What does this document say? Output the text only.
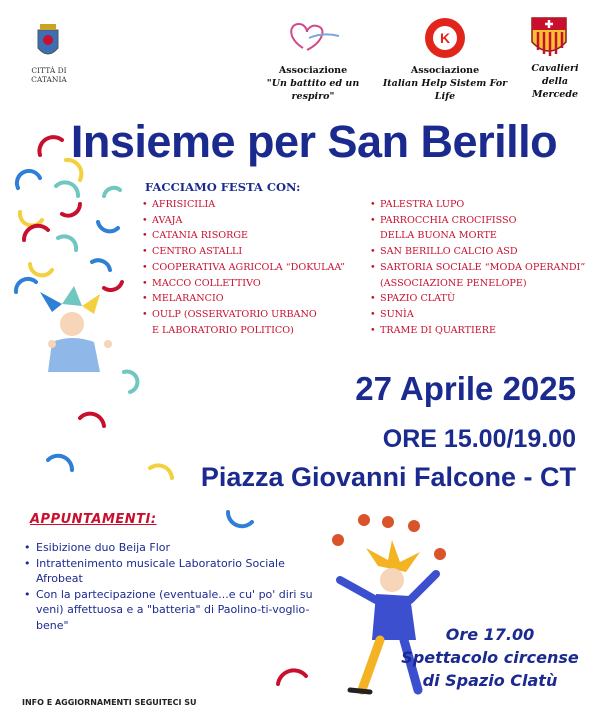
CITTÀ DI CATANIA
Associazione
"Un battito ed un respiro"
K
Associazione
Italian Help Sistem For Life
Cavalieri
della Mercede
Insieme per San Berillo
FACCIAMO FESTA CON:
• AFRISICILIA
• AVAJA
• CATANIA RISORGE
• CENTRO ASTALLI
• COOPERATIVA AGRICOLA “DOKULAA”
• MACCO COLLETTIVO
• MELARANCIO
• OULP (OSSERVATORIO URBANO
E LABORATORIO POLITICO)
• PALESTRA LUPO
• PARROCCHIA CROCIFISSO
DELLA BUONA MORTE
• SAN BERILLO CALCIO ASD
• SARTORIA SOCIALE “MODA OPERANDI”
(ASSOCIAZIONE PENELOPE)
• SPAZIO CLATÙ
• SUNÌA
• TRAME DI QUARTIERE
27 Aprile 2025
ORE 15.00/19.00
Piazza Giovanni Falcone - CT
APPUNTAMENTI:
• Esibizione duo Beija Flor
• Intrattenimento musicale Laboratorio Sociale Afrobeat
• Con la partecipazione (eventuale...e cu' po' diri su veni) affettuosa e a "batteria" di Paolino-ti-voglio-bene"	Ore 17.00
Spettacolo circense
di Spazio Clatù
INFO E AGGIORNAMENTI SEGUITECI SU
